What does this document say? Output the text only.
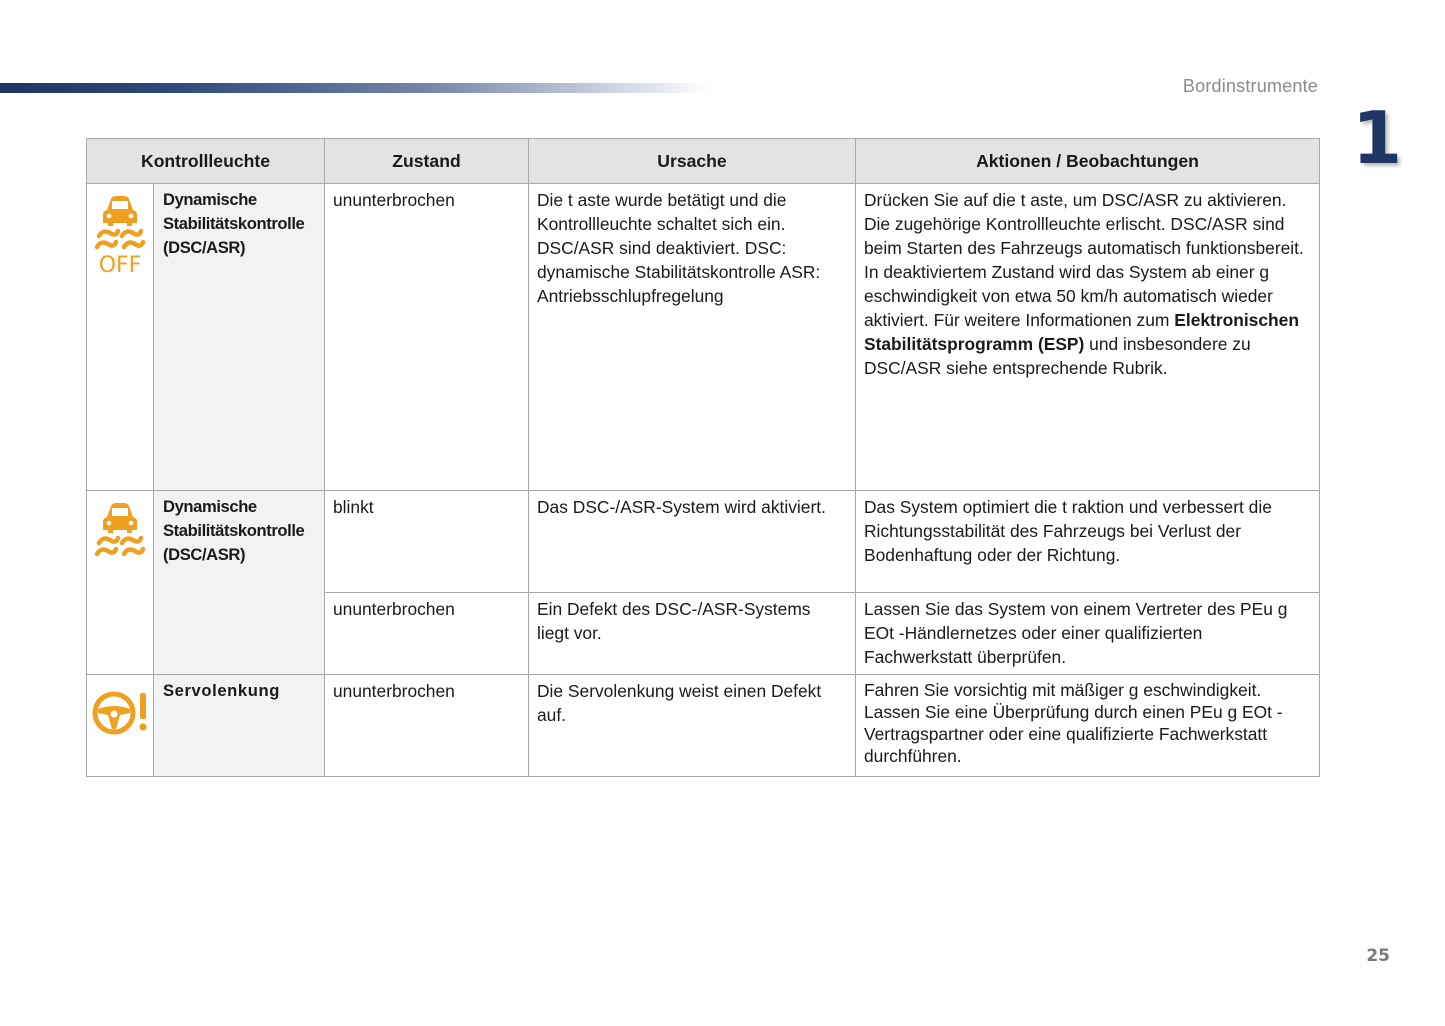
Bordinstrumente
1
Kontrollleuchte		Zustand	Ursache	Aktionen / Beobachtungen

OFF	Dynamische Stabilitätskontrolle (DSC/ASR)	ununterbrochen	Die t aste wurde betätigt und die Kontrollleuchte schaltet sich ein. DSC/ASR sind deaktiviert. DSC: dynamische Stabilitätskontrolle ASR: Antriebsschlupfregelung	Drücken Sie auf die t aste, um DSC/ASR zu aktivieren. Die zugehörige Kontrollleuchte erlischt. DSC/ASR sind beim Starten des Fahrzeugs automatisch funktionsbereit. In deaktiviertem Zustand wird das System ab einer g eschwindigkeit von etwa 50 km/h automatisch wieder aktiviert. Für weitere Informationen zum Elektronischen Stabilitätsprogramm (ESP) und insbesondere zu DSC/ASR siehe entsprechende Rubrik.
	Dynamische Stabilitätskontrolle (DSC/ASR)	blinkt	Das DSC-/ASR-System wird aktiviert.	Das System optimiert die t raktion und verbessert die Richtungsstabilität des Fahrzeugs bei Verlust der Bodenhaftung oder der Richtung.
		ununterbrochen	Ein Defekt des DSC-/ASR-Systems liegt vor.	Lassen Sie das System von einem Vertreter des PEu g EOt -Händlernetzes oder einer qualifizierten Fachwerkstatt überprüfen.
	Servolenkung	ununterbrochen	Die Servolenkung weist einen Defekt auf.	Fahren Sie vorsichtig mit mäßiger g eschwindigkeit. Lassen Sie eine Überprüfung durch einen PEu g EOt -Vertragspartner oder eine qualifizierte Fachwerkstatt durchführen.
25
